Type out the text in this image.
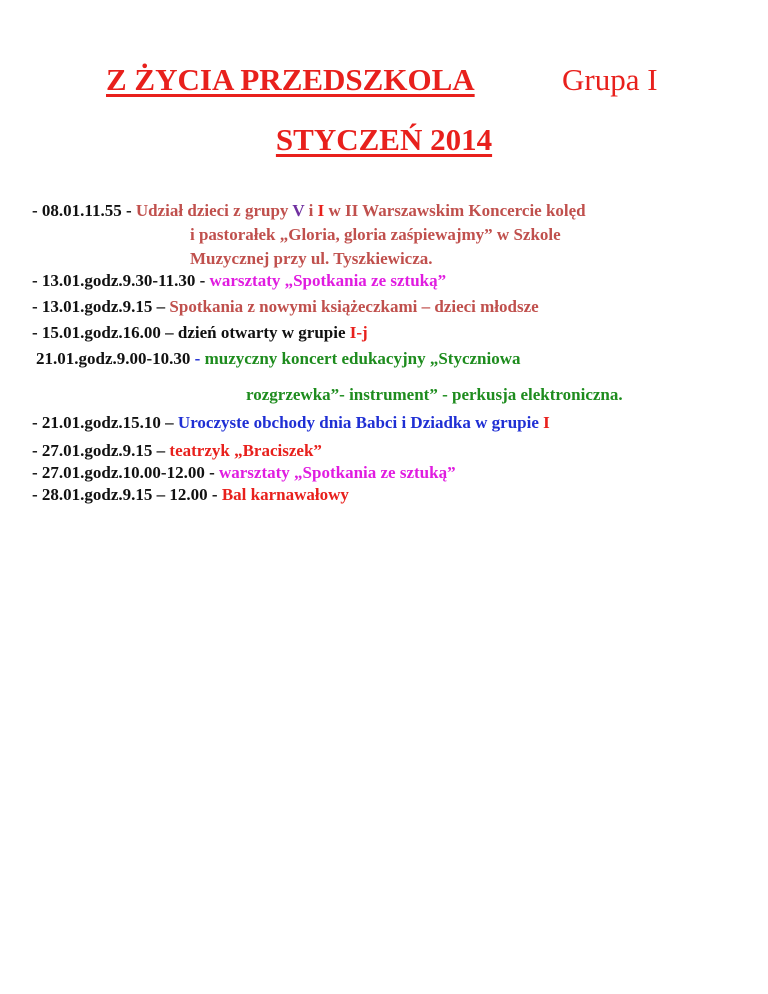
Z ŻYCIA PRZEDSZKOLA	Grupa I
STYCZEŃ 2014
- 08.01.11.55 - Udział dzieci z grupy V i I w II Warszawskim Koncercie kolęd
i pastorałek „Gloria, gloria zaśpiewajmy” w Szkole
Muzycznej przy ul. Tyszkiewicza.
- 13.01.godz.9.30-11.30 - warsztaty „Spotkania ze sztuką”
- 13.01.godz.9.15 – Spotkania z nowymi książeczkami – dzieci młodsze
- 15.01.godz.16.00 – dzień otwarty w grupie I-j
21.01.godz.9.00-10.30 - muzyczny koncert edukacyjny „Styczniowa
rozgrzewka”- instrument” - perkusja elektroniczna.
- 21.01.godz.15.10 – Uroczyste obchody dnia Babci i Dziadka w grupie I
- 27.01.godz.9.15 – teatrzyk „Braciszek”
- 27.01.godz.10.00-12.00 - warsztaty „Spotkania ze sztuką”
- 28.01.godz.9.15 – 12.00 - Bal karnawałowy
